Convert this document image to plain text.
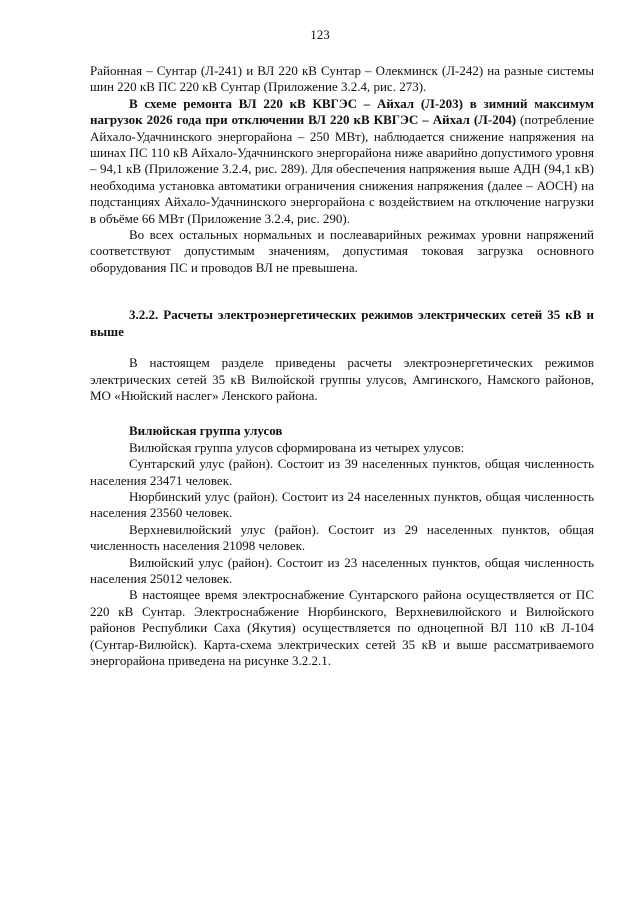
123

Районная – Сунтар (Л-241) и ВЛ 220 кВ Сунтар – Олекминск (Л-242) на разные системы шин 220 кВ ПС 220 кВ Сунтар (Приложение 3.2.4, рис. 273).

В схеме ремонта ВЛ 220 кВ КВГЭС – Айхал (Л-203) в зимний максимум нагрузок 2026 года при отключении ВЛ 220 кВ КВГЭС – Айхал (Л-204) (потребление Айхало-Удачнинского энергорайона – 250 МВт), наблюдается снижение напряжения на шинах ПС 110 кВ Айхало-Удачнинского энергорайона ниже аварийно допустимого уровня – 94,1 кВ (Приложение 3.2.4, рис. 289). Для обеспечения напряжения выше АДН (94,1 кВ) необходима установка автоматики ограничения снижения напряжения (далее – АОСН) на подстанциях Айхало-Удачнинского энергорайона с воздействием на отключение нагрузки в объёме 66 МВт (Приложение 3.2.4, рис. 290).

Во всех остальных нормальных и послеаварийных режимах уровни напряжений соответствуют допустимым значениям, допустимая токовая загрузка основного оборудования ПС и проводов ВЛ не превышена.

3.2.2. Расчеты электроэнергетических режимов электрических сетей 35 кВ и выше

В настоящем разделе приведены расчеты электроэнергетических режимов электрических сетей 35 кВ Вилюйской группы улусов, Амгинского, Намского районов, МО «Нюйский наслег» Ленского района.

Вилюйская группа улусов

Вилюйская группа улусов сформирована из четырех улусов:

Сунтарский улус (район). Состоит из 39 населенных пунктов, общая численность населения 23471 человек.

Нюрбинский улус (район). Состоит из 24 населенных пунктов, общая численность населения 23560 человек.

Верхневилюйский улус (район). Состоит из 29 населенных пунктов, общая численность населения 21098 человек.

Вилюйский улус (район). Состоит из 23 населенных пунктов, общая численность населения 25012 человек.

В настоящее время электроснабжение Сунтарского района осуществляется от ПС 220 кВ Сунтар. Электроснабжение Нюрбинского, Верхневилюйского и Вилюйского районов Республики Саха (Якутия) осуществляется по одноцепной ВЛ 110 кВ Л-104 (Сунтар-Вилюйск). Карта-схема электрических сетей 35 кВ и выше рассматриваемого энергорайона приведена на рисунке 3.2.2.1.
